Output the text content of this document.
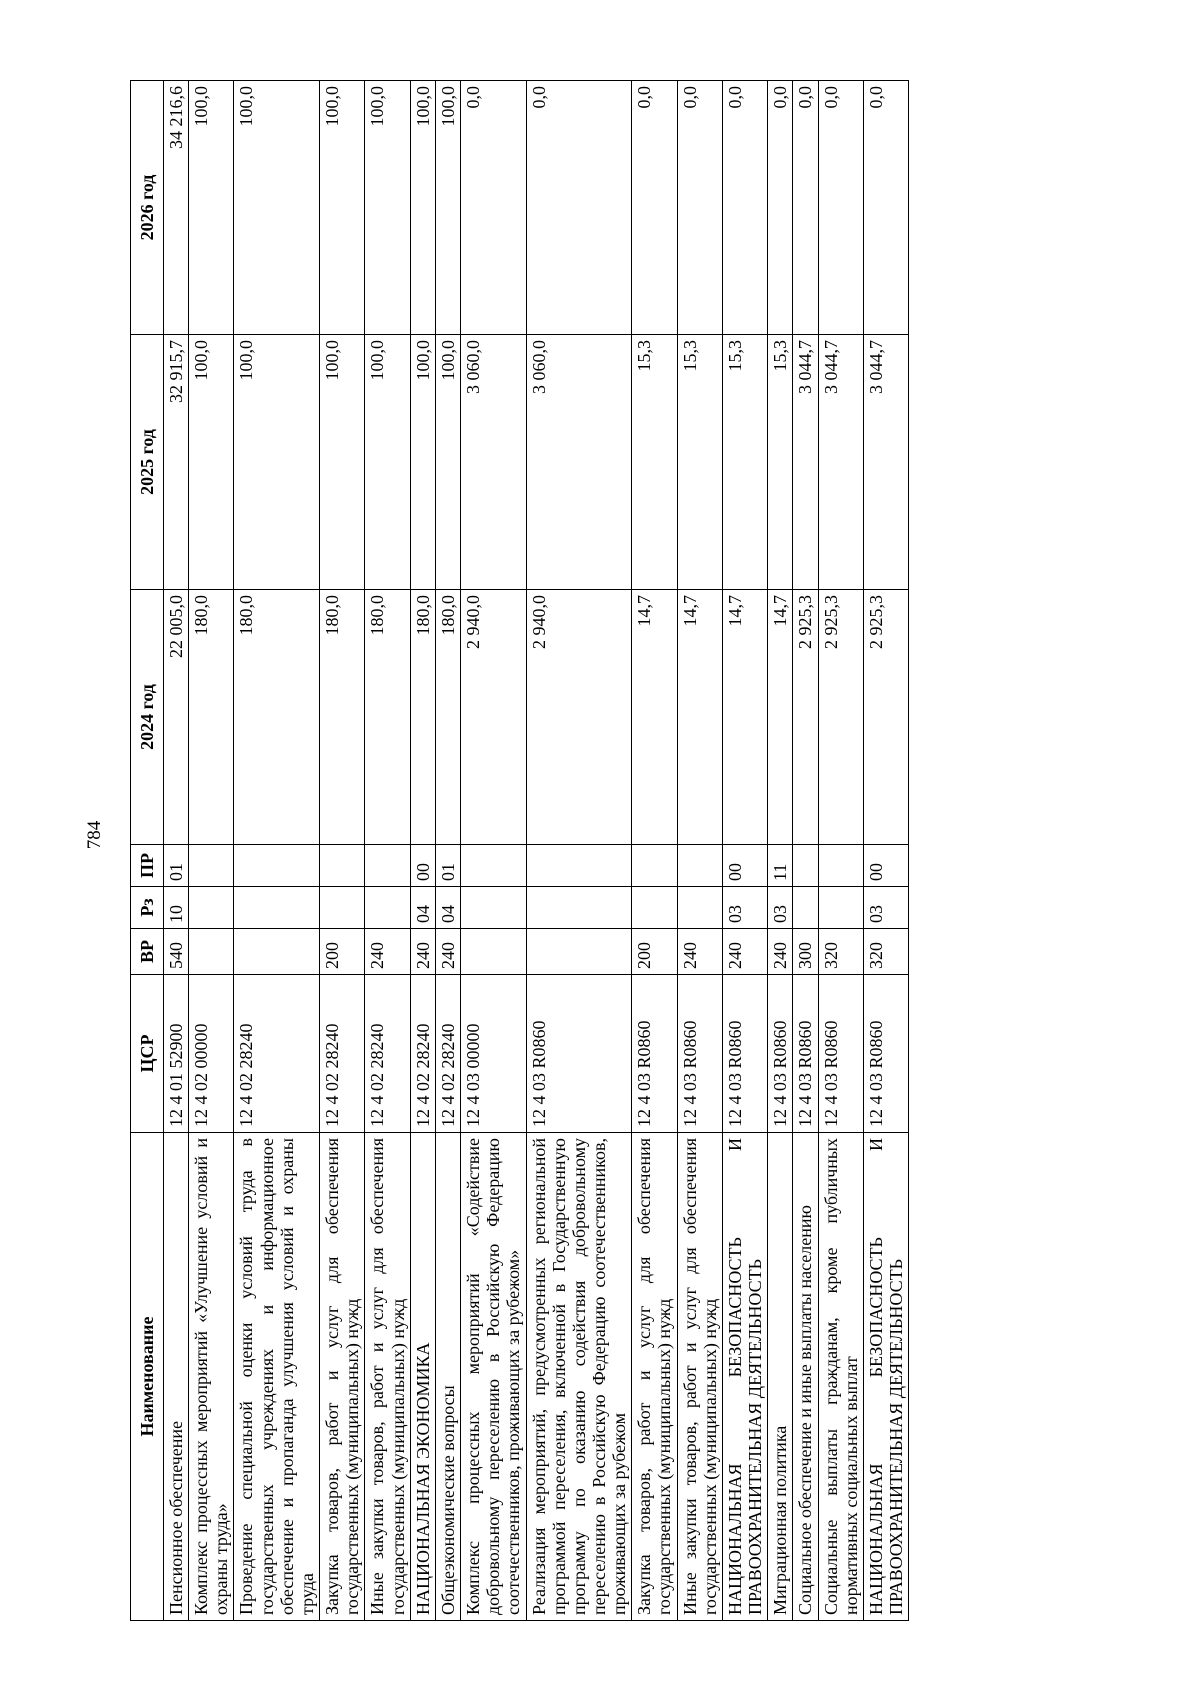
784
Наименование	ЦСР	ВР	Рз	ПР	2024 год	2025 год	2026 год
Пенсионное обеспечение	12 4 01 52900	540	10	01	22 005,0	32 915,7	34 216,6
Комплекс процессных мероприятий «Улучшение условий и охраны труда»	12 4 02 00000				180,0	100,0	100,0
Проведение специальной оценки условий труда в государственных учреждениях и информационное обеспечение и пропаганда улучшения условий и охраны труда	12 4 02 28240				180,0	100,0	100,0
Закупка товаров, работ и услуг для обеспечения государственных (муниципальных) нужд	12 4 02 28240	200			180,0	100,0	100,0
Иные закупки товаров, работ и услуг для обеспечения государственных (муниципальных) нужд	12 4 02 28240	240			180,0	100,0	100,0
НАЦИОНАЛЬНАЯ ЭКОНОМИКА	12 4 02 28240	240	04	00	180,0	100,0	100,0
Общеэкономические вопросы	12 4 02 28240	240	04	01	180,0	100,0	100,0
Комплекс процессных мероприятий «Содействие добровольному переселению в Российскую Федерацию соотечественников, проживающих за рубежом»	12 4 03 00000				2 940,0	3 060,0	0,0
Реализация мероприятий, предусмотренных региональной программой переселения, включенной в Государственную программу по оказанию содействия добровольному переселению в Российскую Федерацию соотечественников, проживающих за рубежом	12 4 03 R0860				2 940,0	3 060,0	0,0
Закупка товаров, работ и услуг для обеспечения государственных (муниципальных) нужд	12 4 03 R0860	200			14,7	15,3	0,0
Иные закупки товаров, работ и услуг для обеспечения государственных (муниципальных) нужд	12 4 03 R0860	240			14,7	15,3	0,0
НАЦИОНАЛЬНАЯ БЕЗОПАСНОСТЬ И ПРАВООХРАНИТЕЛЬНАЯ ДЕЯТЕЛЬНОСТЬ	12 4 03 R0860	240	03	00	14,7	15,3	0,0
Миграционная политика	12 4 03 R0860	240	03	11	14,7	15,3	0,0
Социальное обеспечение и иные выплаты населению	12 4 03 R0860	300			2 925,3	3 044,7	0,0
Социальные выплаты гражданам, кроме публичных нормативных социальных выплат	12 4 03 R0860	320			2 925,3	3 044,7	0,0
НАЦИОНАЛЬНАЯ БЕЗОПАСНОСТЬ И ПРАВООХРАНИТЕЛЬНАЯ ДЕЯТЕЛЬНОСТЬ	12 4 03 R0860	320	03	00	2 925,3	3 044,7	0,0
